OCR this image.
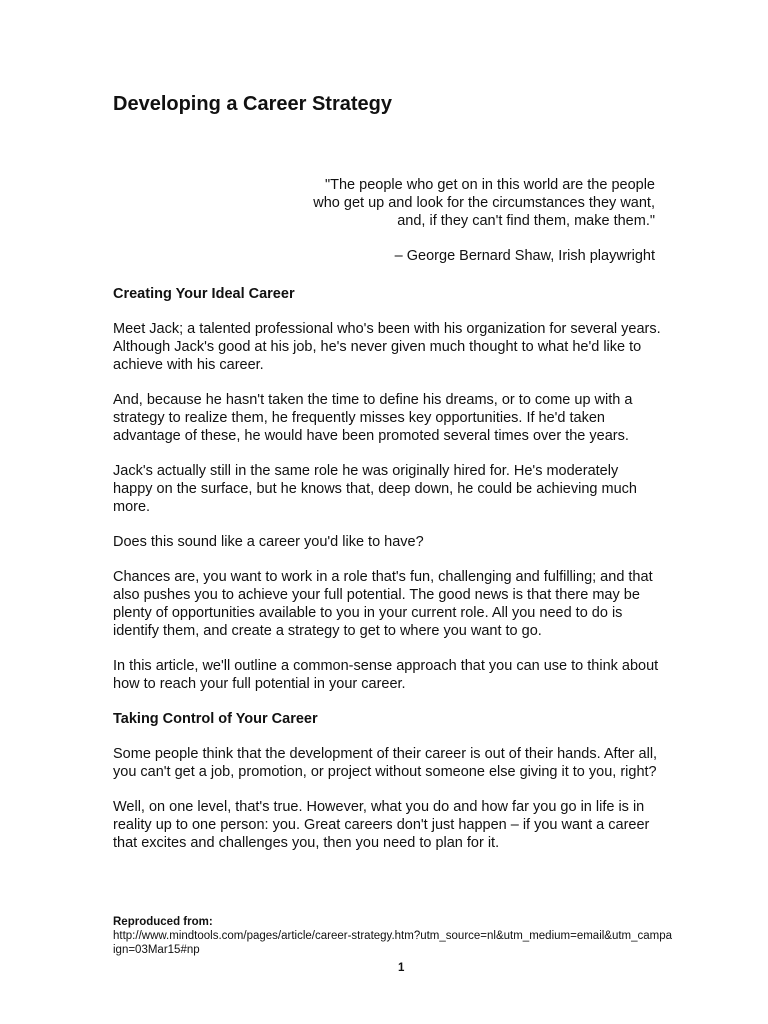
Developing a Career Strategy

"The people who get on in this world are the people
who get up and look for the circumstances they want,
and, if they can't find them, make them."

– George Bernard Shaw, Irish playwright

Creating Your Ideal Career

Meet Jack; a talented professional who's been with his organization for several years. Although Jack's good at his job, he's never given much thought to what he'd like to achieve with his career.

And, because he hasn't taken the time to define his dreams, or to come up with a strategy to realize them, he frequently misses key opportunities. If he'd taken advantage of these, he would have been promoted several times over the years.

Jack's actually still in the same role he was originally hired for. He's moderately happy on the surface, but he knows that, deep down, he could be achieving much more.

Does this sound like a career you'd like to have?

Chances are, you want to work in a role that's fun, challenging and fulfilling; and that also pushes you to achieve your full potential. The good news is that there may be plenty of opportunities available to you in your current role. All you need to do is identify them, and create a strategy to get to where you want to go.

In this article, we'll outline a common-sense approach that you can use to think about how to reach your full potential in your career.

Taking Control of Your Career

Some people think that the development of their career is out of their hands. After all, you can't get a job, promotion, or project without someone else giving it to you, right?

Well, on one level, that's true. However, what you do and how far you go in life is in reality up to one person: you. Great careers don't just happen – if you want a career that excites and challenges you, then you need to plan for it.

Reproduced from:
http://www.mindtools.com/pages/article/career-strategy.htm?utm_source=nl&utm_medium=email&utm_campaign=03Mar15#np
1
